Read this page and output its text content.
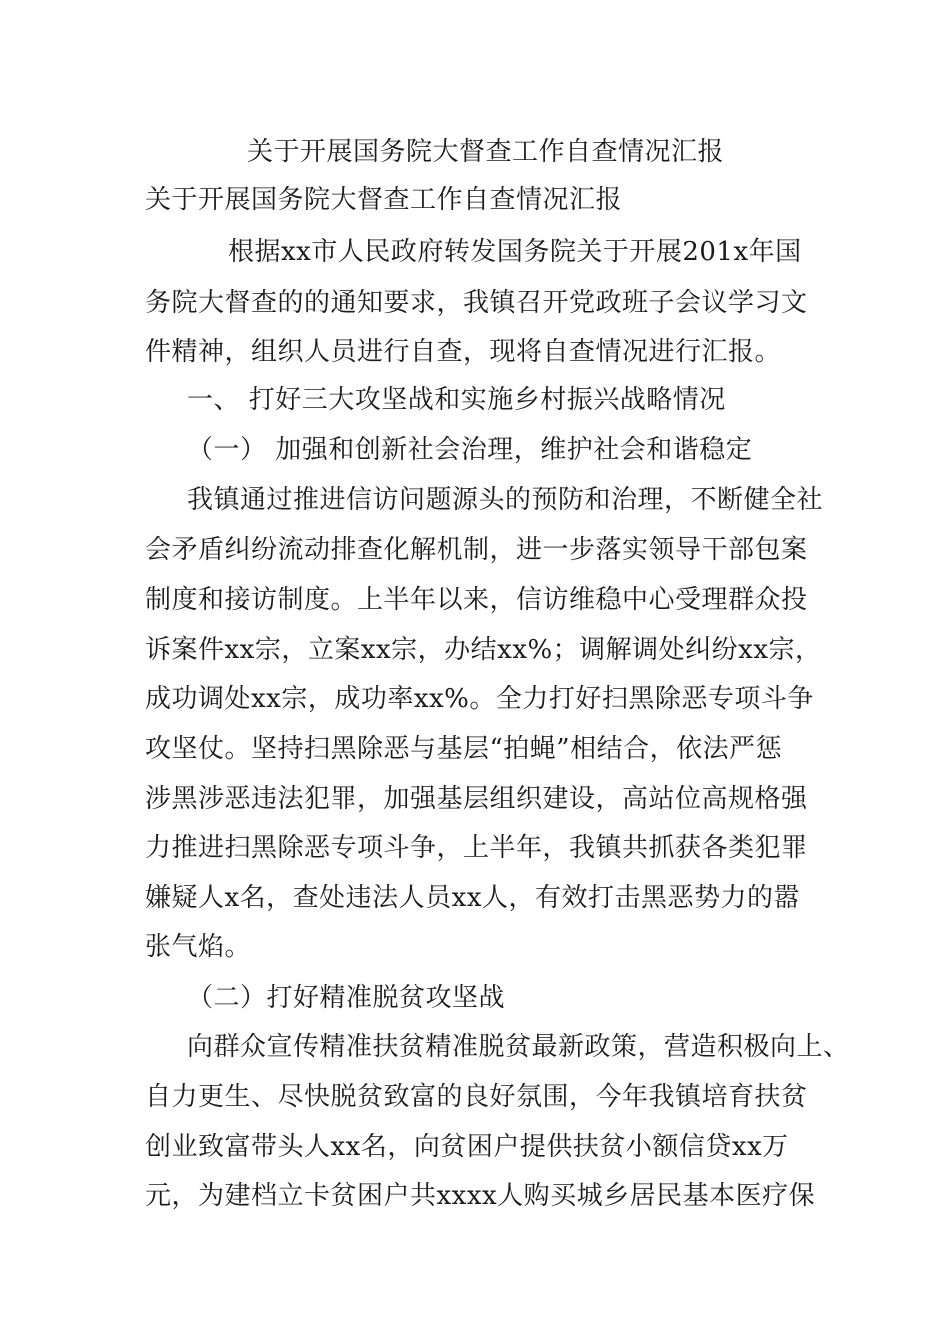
关于开展国务院大督查工作自查情况汇报
关于开展国务院大督查工作自查情况汇报
根据xx市人民政府转发国务院关于开展201x年国
务院大督查的的通知要求，我镇召开党政班子会议学习文
件精神，组织人员进行自查，现将自查情况进行汇报。
一、 打好三大攻坚战和实施乡村振兴战略情况
（一） 加强和创新社会治理，维护社会和谐稳定
我镇通过推进信访问题源头的预防和治理，不断健全社
会矛盾纠纷流动排查化解机制，进一步落实领导干部包案
制度和接访制度。上半年以来，信访维稳中心受理群众投
诉案件xx宗，立案xx宗，办结xx%；调解调处纠纷xx宗，
成功调处xx宗，成功率xx%。全力打好扫黑除恶专项斗争
攻坚仗。坚持扫黑除恶与基层“拍蝇”相结合，依法严惩
涉黑涉恶违法犯罪，加强基层组织建设，高站位高规格强
力推进扫黑除恶专项斗争，上半年，我镇共抓获各类犯罪
嫌疑人x名，查处违法人员xx人，有效打击黑恶势力的嚣
张气焰。
（二）打好精准脱贫攻坚战
向群众宣传精准扶贫精准脱贫最新政策，营造积极向上、
自力更生、尽快脱贫致富的良好氛围，今年我镇培育扶贫
创业致富带头人xx名，向贫困户提供扶贫小额信贷xx万
元，为建档立卡贫困户共xxxx人购买城乡居民基本医疗保
